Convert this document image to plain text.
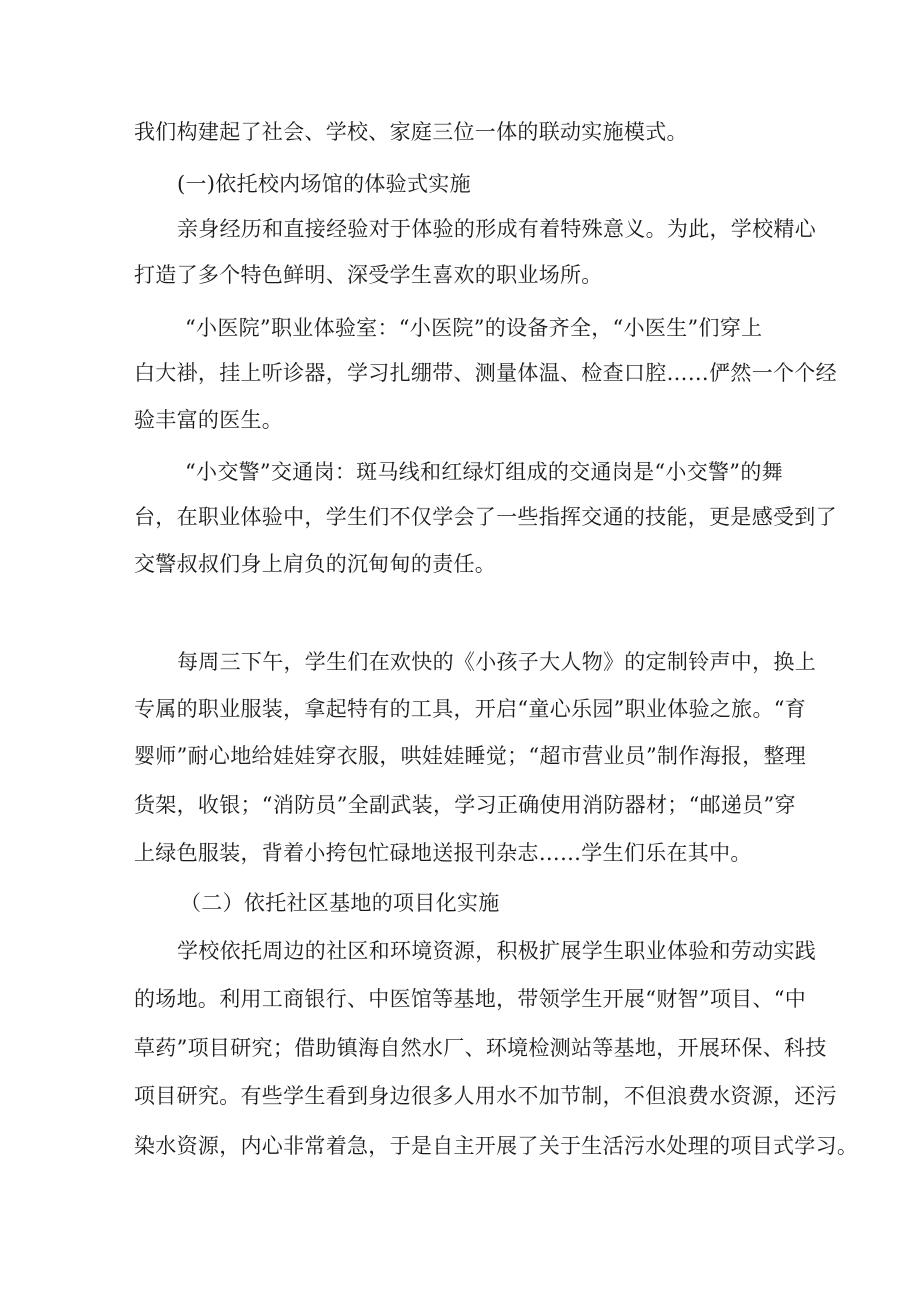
我们构建起了社会、学校、家庭三位一体的联动实施模式。
(一)依托校内场馆的体验式实施
亲身经历和直接经验对于体验的形成有着特殊意义。为此，学校精心
打造了多个特色鲜明、深受学生喜欢的职业场所。
“小医院”职业体验室：“小医院”的设备齐全，“小医生”们穿上
白大褂，挂上听诊器，学习扎绷带、测量体温、检查口腔……俨然一个个经
验丰富的医生。
“小交警”交通岗：斑马线和红绿灯组成的交通岗是“小交警”的舞
台，在职业体验中，学生们不仅学会了一些指挥交通的技能，更是感受到了
交警叔叔们身上肩负的沉甸甸的责任。
每周三下午，学生们在欢快的《小孩子大人物》的定制铃声中，换上
专属的职业服装，拿起特有的工具，开启“童心乐园”职业体验之旅。“育
婴师”耐心地给娃娃穿衣服，哄娃娃睡觉；“超市营业员”制作海报，整理
货架，收银；“消防员”全副武装，学习正确使用消防器材；“邮递员”穿
上绿色服装，背着小挎包忙碌地送报刊杂志……学生们乐在其中。
（二）依托社区基地的项目化实施
学校依托周边的社区和环境资源，积极扩展学生职业体验和劳动实践
的场地。利用工商银行、中医馆等基地，带领学生开展“财智”项目、“中
草药”项目研究；借助镇海自然水厂、环境检测站等基地，开展环保、科技
项目研究。有些学生看到身边很多人用水不加节制，不但浪费水资源，还污
染水资源，内心非常着急，于是自主开展了关于生活污水处理的项目式学习。
